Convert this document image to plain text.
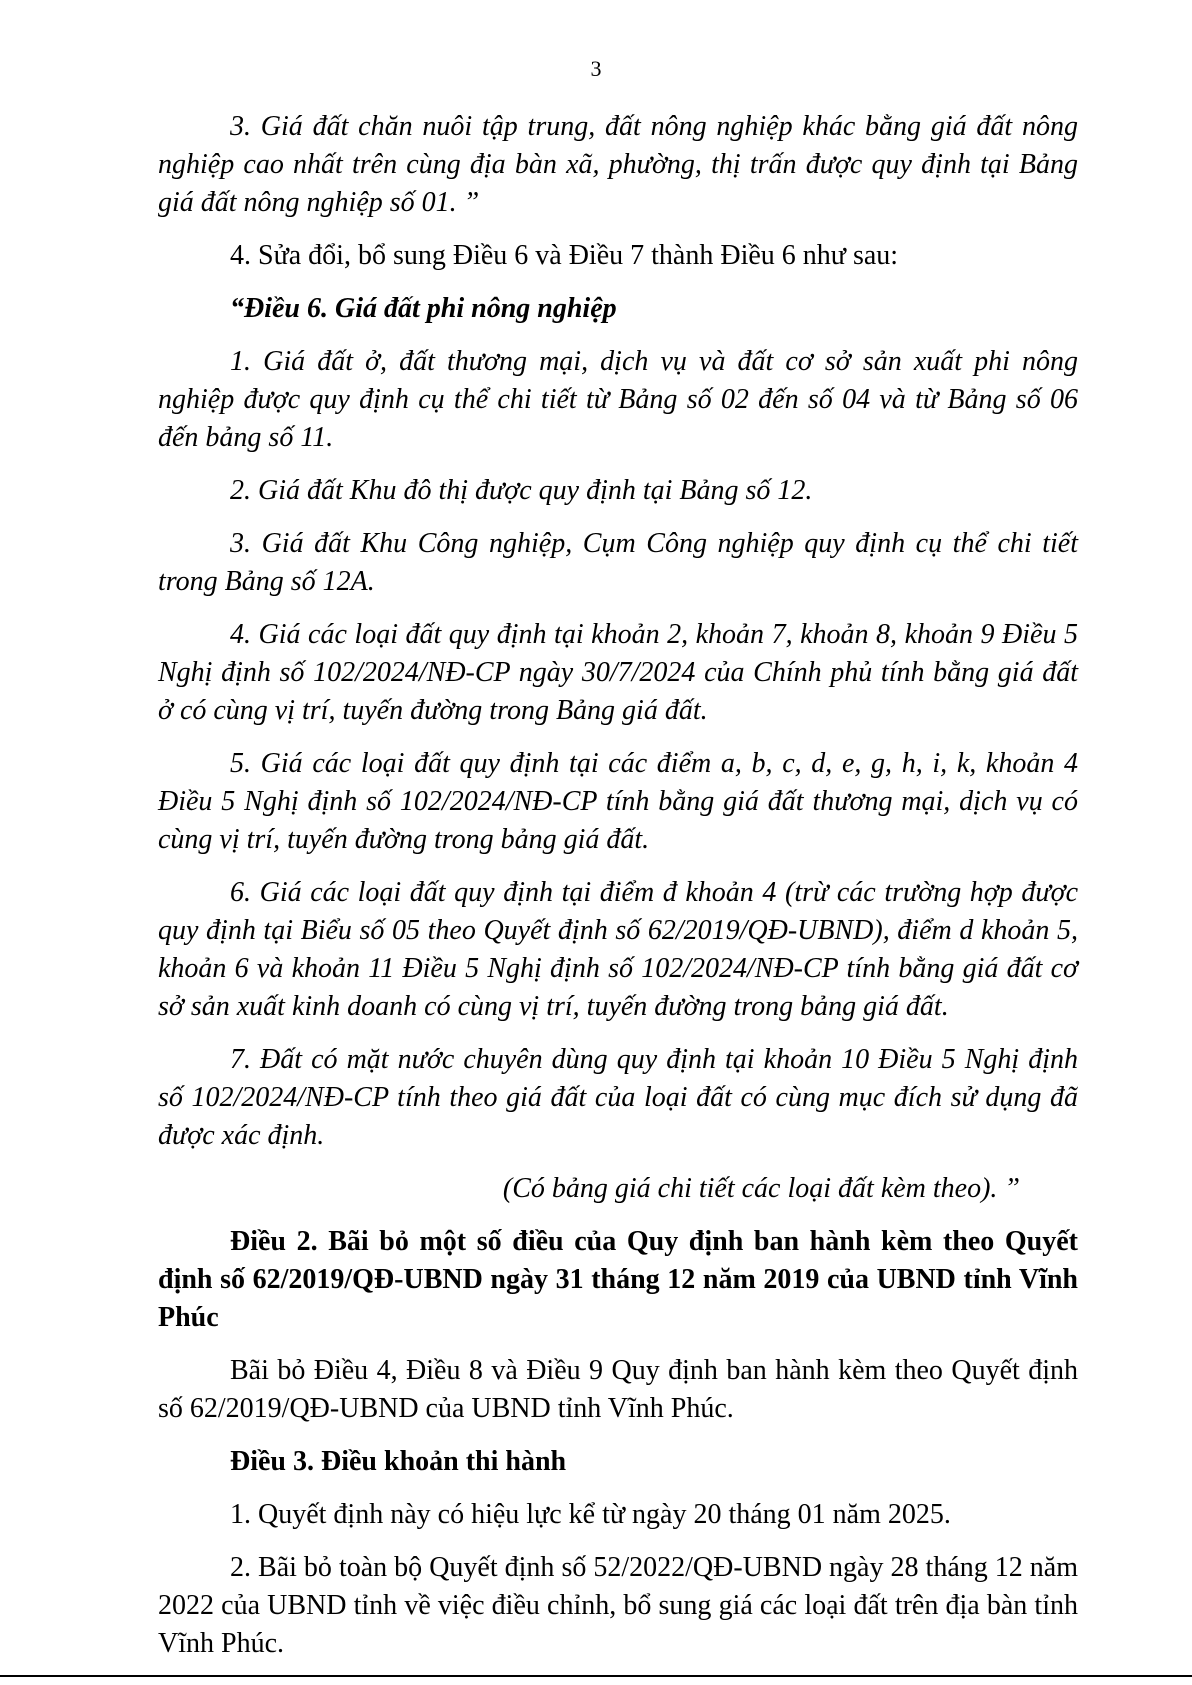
3

3. Giá đất chăn nuôi tập trung, đất nông nghiệp khác bằng giá đất nông nghiệp cao nhất trên cùng địa bàn xã, phường, thị trấn được quy định tại Bảng giá đất nông nghiệp số 01. ”

4. Sửa đổi, bổ sung Điều 6 và Điều 7 thành Điều 6 như sau:

“Điều 6. Giá đất phi nông nghiệp

1. Giá đất ở, đất thương mại, dịch vụ và đất cơ sở sản xuất phi nông nghiệp được quy định cụ thể chi tiết từ Bảng số 02 đến số 04 và từ Bảng số 06 đến bảng số 11.

2. Giá đất Khu đô thị được quy định tại Bảng số 12.

3. Giá đất Khu Công nghiệp, Cụm Công nghiệp quy định cụ thể chi tiết trong Bảng số 12A.

4. Giá các loại đất quy định tại khoản 2, khoản 7, khoản 8, khoản 9 Điều 5 Nghị định số 102/2024/NĐ-CP ngày 30/7/2024 của Chính phủ tính bằng giá đất ở có cùng vị trí, tuyến đường trong Bảng giá đất.

5. Giá các loại đất quy định tại các điểm a, b, c, d, e, g, h, i, k, khoản 4 Điều 5 Nghị định số 102/2024/NĐ-CP tính bằng giá đất thương mại, dịch vụ có cùng vị trí, tuyến đường trong bảng giá đất.

6. Giá các loại đất quy định tại điểm đ khoản 4 (trừ các trường hợp được quy định tại Biểu số 05 theo Quyết định số 62/2019/QĐ-UBND), điểm d khoản 5, khoản 6 và khoản 11 Điều 5 Nghị định số 102/2024/NĐ-CP tính bằng giá đất cơ sở sản xuất kinh doanh có cùng vị trí, tuyến đường trong bảng giá đất.

7. Đất có mặt nước chuyên dùng quy định tại khoản 10 Điều 5 Nghị định số 102/2024/NĐ-CP tính theo giá đất của loại đất có cùng mục đích sử dụng đã được xác định.

(Có bảng giá chi tiết các loại đất kèm theo). ”

Điều 2. Bãi bỏ một số điều của Quy định ban hành kèm theo Quyết định số 62/2019/QĐ-UBND ngày 31 tháng 12 năm 2019 của UBND tỉnh Vĩnh Phúc

Bãi bỏ Điều 4, Điều 8 và Điều 9 Quy định ban hành kèm theo Quyết định số 62/2019/QĐ-UBND của UBND tỉnh Vĩnh Phúc.

Điều 3. Điều khoản thi hành

1. Quyết định này có hiệu lực kể từ ngày 20 tháng 01 năm 2025.

2. Bãi bỏ toàn bộ Quyết định số 52/2022/QĐ-UBND ngày 28 tháng 12 năm 2022 của UBND tỉnh về việc điều chỉnh, bổ sung giá các loại đất trên địa bàn tỉnh Vĩnh Phúc.
